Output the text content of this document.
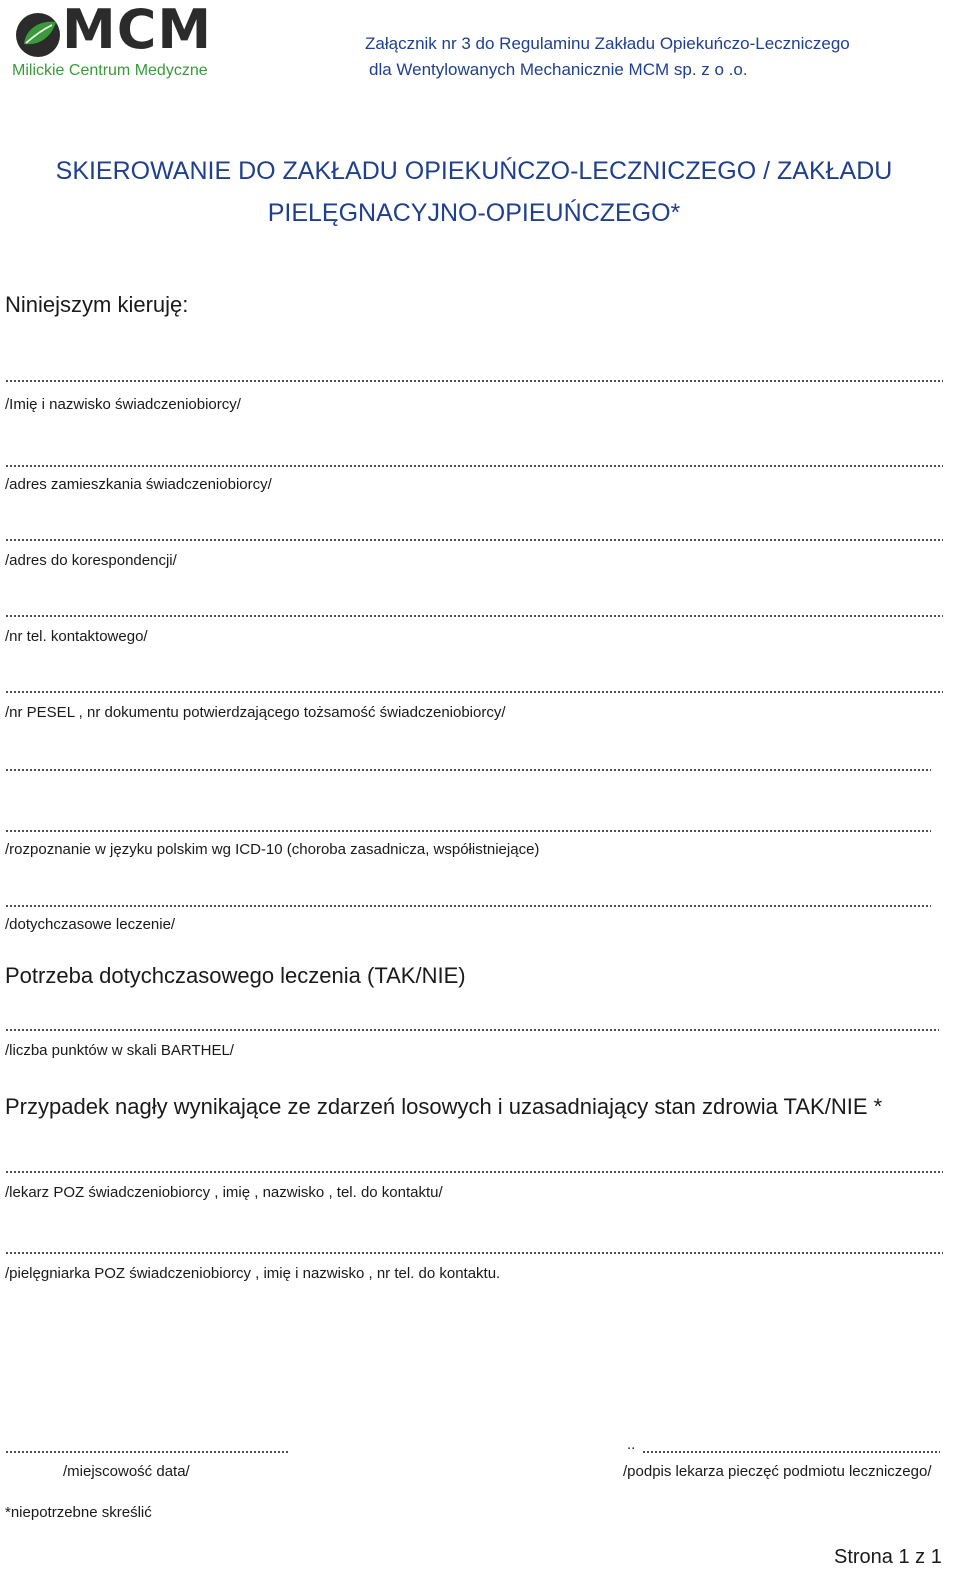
MCM
Milickie Centrum Medyczne
Załącznik nr 3 do Regulaminu Zakładu Opiekuńczo-Leczniczego
dla Wentylowanych Mechanicznie MCM sp. z o .o.
SKIEROWANIE DO ZAKŁADU OPIEKUŃCZO-LECZNICZEGO / ZAKŁADU
PIELĘGNACYJNO-OPIEUŃCZEGO*
Niniejszym kieruję:
/Imię i nazwisko świadczeniobiorcy/
/adres zamieszkania świadczeniobiorcy/
/adres do korespondencji/
/nr tel. kontaktowego/
/nr PESEL , nr dokumentu potwierdzającego tożsamość świadczeniobiorcy/
/rozpoznanie w języku polskim wg ICD-10 (choroba zasadnicza, współistniejące)
/dotychczasowe leczenie/
Potrzeba dotychczasowego leczenia (TAK/NIE)
/liczba punktów w skali BARTHEL/
Przypadek nagły wynikające ze zdarzeń losowych i uzasadniający stan zdrowia TAK/NIE *
/lekarz POZ świadczeniobiorcy , imię , nazwisko , tel. do kontaktu/
/pielęgniarka POZ świadczeniobiorcy , imię i nazwisko , nr tel. do kontaktu.
/miejscowość data/
..
/podpis lekarza pieczęć podmiotu leczniczego/
*niepotrzebne skreślić
Strona 1 z 1
